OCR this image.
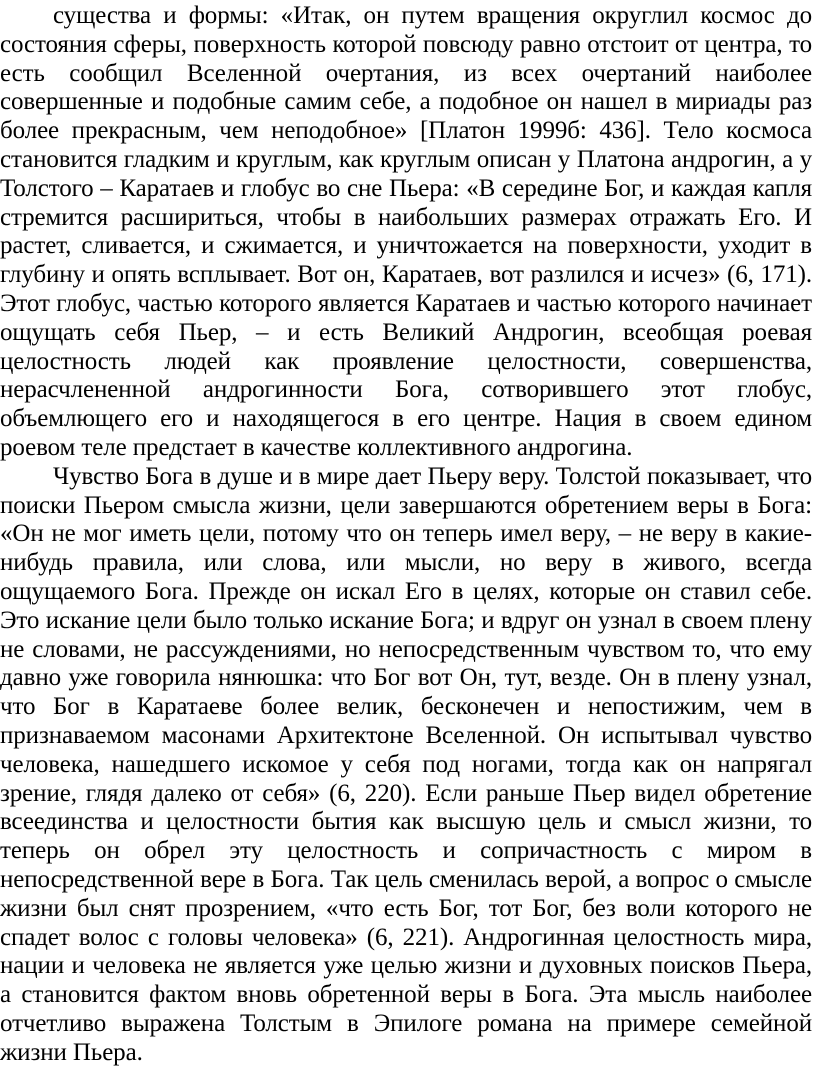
существа и формы: «Итак, он путем вращения округлил космос до состояния сферы, поверхность которой повсюду равно отстоит от центра, то есть сообщил Вселенной очертания, из всех очертаний наиболее совершенные и подобные самим себе, а подобное он нашел в мириады раз более прекрасным, чем неподобное» [Платон 1999б: 436]. Тело космоса становится гладким и круглым, как круглым описан у Платона андрогин, а у Толстого – Каратаев и глобус во сне Пьера: «В середине Бог, и каждая капля стремится расшириться, чтобы в наибольших размерах отражать Его. И растет, сливается, и сжимается, и уничтожается на поверхности, уходит в глубину и опять всплывает. Вот он, Каратаев, вот разлился и исчез» (6, 171). Этот глобус, частью которого является Каратаев и частью которого начинает ощущать себя Пьер, – и есть Великий Андрогин, всеобщая роевая целостность людей как проявление целостности, совершенства, нерасчлененной андрогинности Бога, сотворившего этот глобус, объемлющего его и находящегося в его центре. Нация в своем едином роевом теле предстает в качестве коллективного андрогина.

Чувство Бога в душе и в мире дает Пьеру веру. Толстой показывает, что поиски Пьером смысла жизни, цели завершаются обретением веры в Бога: «Он не мог иметь цели, потому что он теперь имел веру, – не веру в какие-нибудь правила, или слова, или мысли, но веру в живого, всегда ощущаемого Бога. Прежде он искал Его в целях, которые он ставил себе. Это искание цели было только искание Бога; и вдруг он узнал в своем плену не словами, не рассуждениями, но непосредственным чувством то, что ему давно уже говорила нянюшка: что Бог вот Он, тут, везде. Он в плену узнал, что Бог в Каратаеве более велик, бесконечен и непостижим, чем в признаваемом масонами Архитектоне Вселенной. Он испытывал чувство человека, нашедшего искомое у себя под ногами, тогда как он напрягал зрение, глядя далеко от себя» (6, 220). Если раньше Пьер видел обретение всеединства и целостности бытия как высшую цель и смысл жизни, то теперь он обрел эту целостность и сопричастность с миром в непосредственной вере в Бога. Так цель сменилась верой, а вопрос о смысле жизни был снят прозрением, «что есть Бог, тот Бог, без воли которого не спадет волос с головы человека» (6, 221). Андрогинная целостность мира, нации и человека не является уже целью жизни и духовных поисков Пьера, а становится фактом вновь обретенной веры в Бога. Эта мысль наиболее отчетливо выражена Толстым в Эпилоге романа на примере семейной жизни Пьера.
